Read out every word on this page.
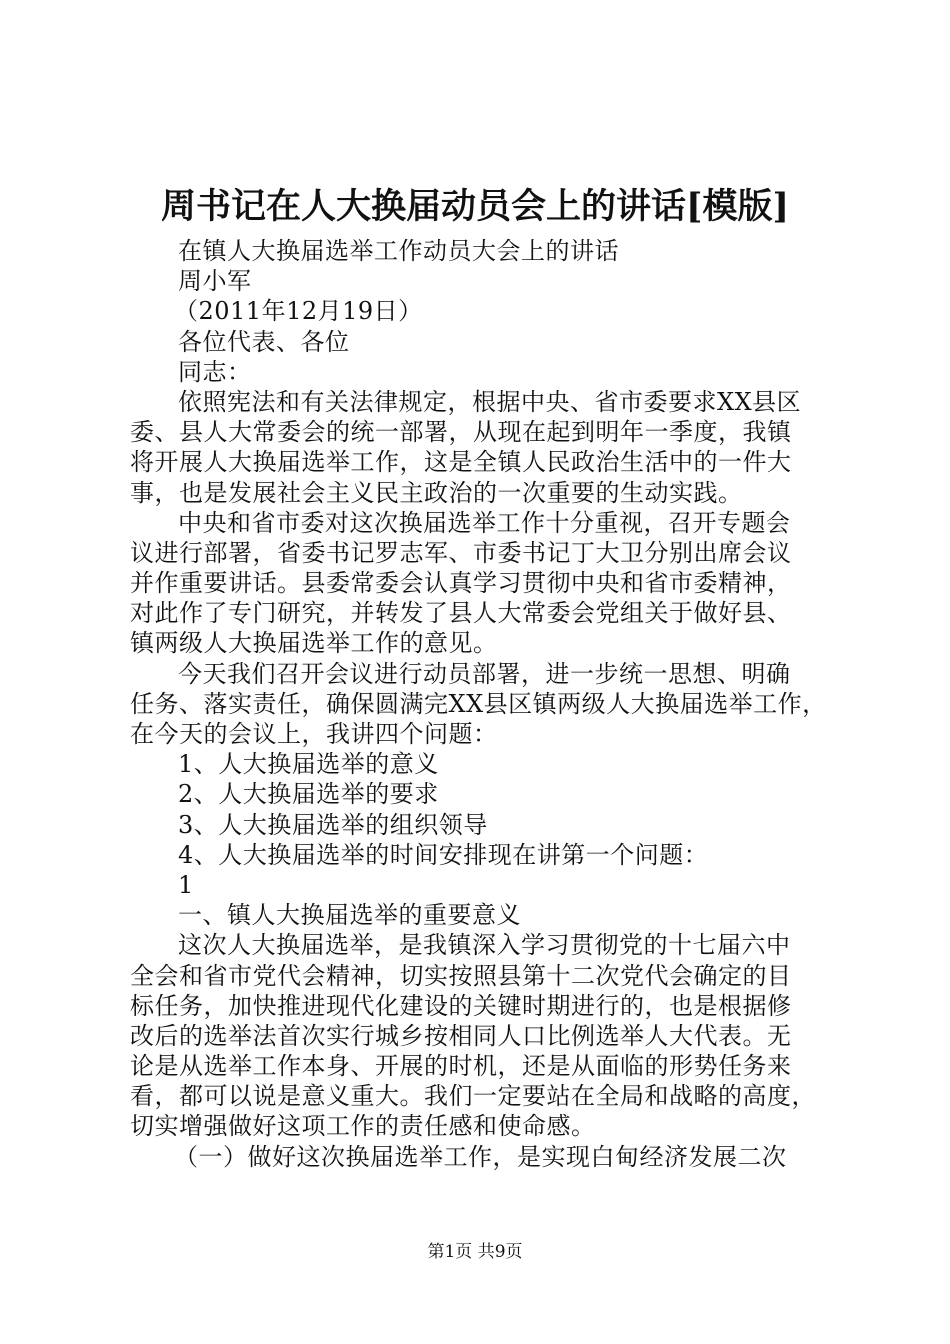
周书记在人大换届动员会上的讲话[模版]
在镇人大换届选举工作动员大会上的讲话
周小军
（2011年12月19日）
各位代表、各位
同志：
依照宪法和有关法律规定，根据中央、省市委要求XX县区
委、县人大常委会的统一部署，从现在起到明年一季度，我镇
将开展人大换届选举工作，这是全镇人民政治生活中的一件大
事，也是发展社会主义民主政治的一次重要的生动实践。
中央和省市委对这次换届选举工作十分重视，召开专题会
议进行部署，省委书记罗志军、市委书记丁大卫分别出席会议
并作重要讲话。县委常委会认真学习贯彻中央和省市委精神，
对此作了专门研究，并转发了县人大常委会党组关于做好县、
镇两级人大换届选举工作的意见。
今天我们召开会议进行动员部署，进一步统一思想、明确
任务、落实责任，确保圆满完XX县区镇两级人大换届选举工作，
在今天的会议上，我讲四个问题：
1、人大换届选举的意义
2、人大换届选举的要求
3、人大换届选举的组织领导
4、人大换届选举的时间安排现在讲第一个问题：
1
一、镇人大换届选举的重要意义
这次人大换届选举，是我镇深入学习贯彻党的十七届六中
全会和省市党代会精神，切实按照县第十二次党代会确定的目
标任务，加快推进现代化建设的关键时期进行的，也是根据修
改后的选举法首次实行城乡按相同人口比例选举人大代表。无
论是从选举工作本身、开展的时机，还是从面临的形势任务来
看，都可以说是意义重大。我们一定要站在全局和战略的高度，
切实增强做好这项工作的责任感和使命感。
（一）做好这次换届选举工作，是实现白甸经济发展二次
第1页 共9页
